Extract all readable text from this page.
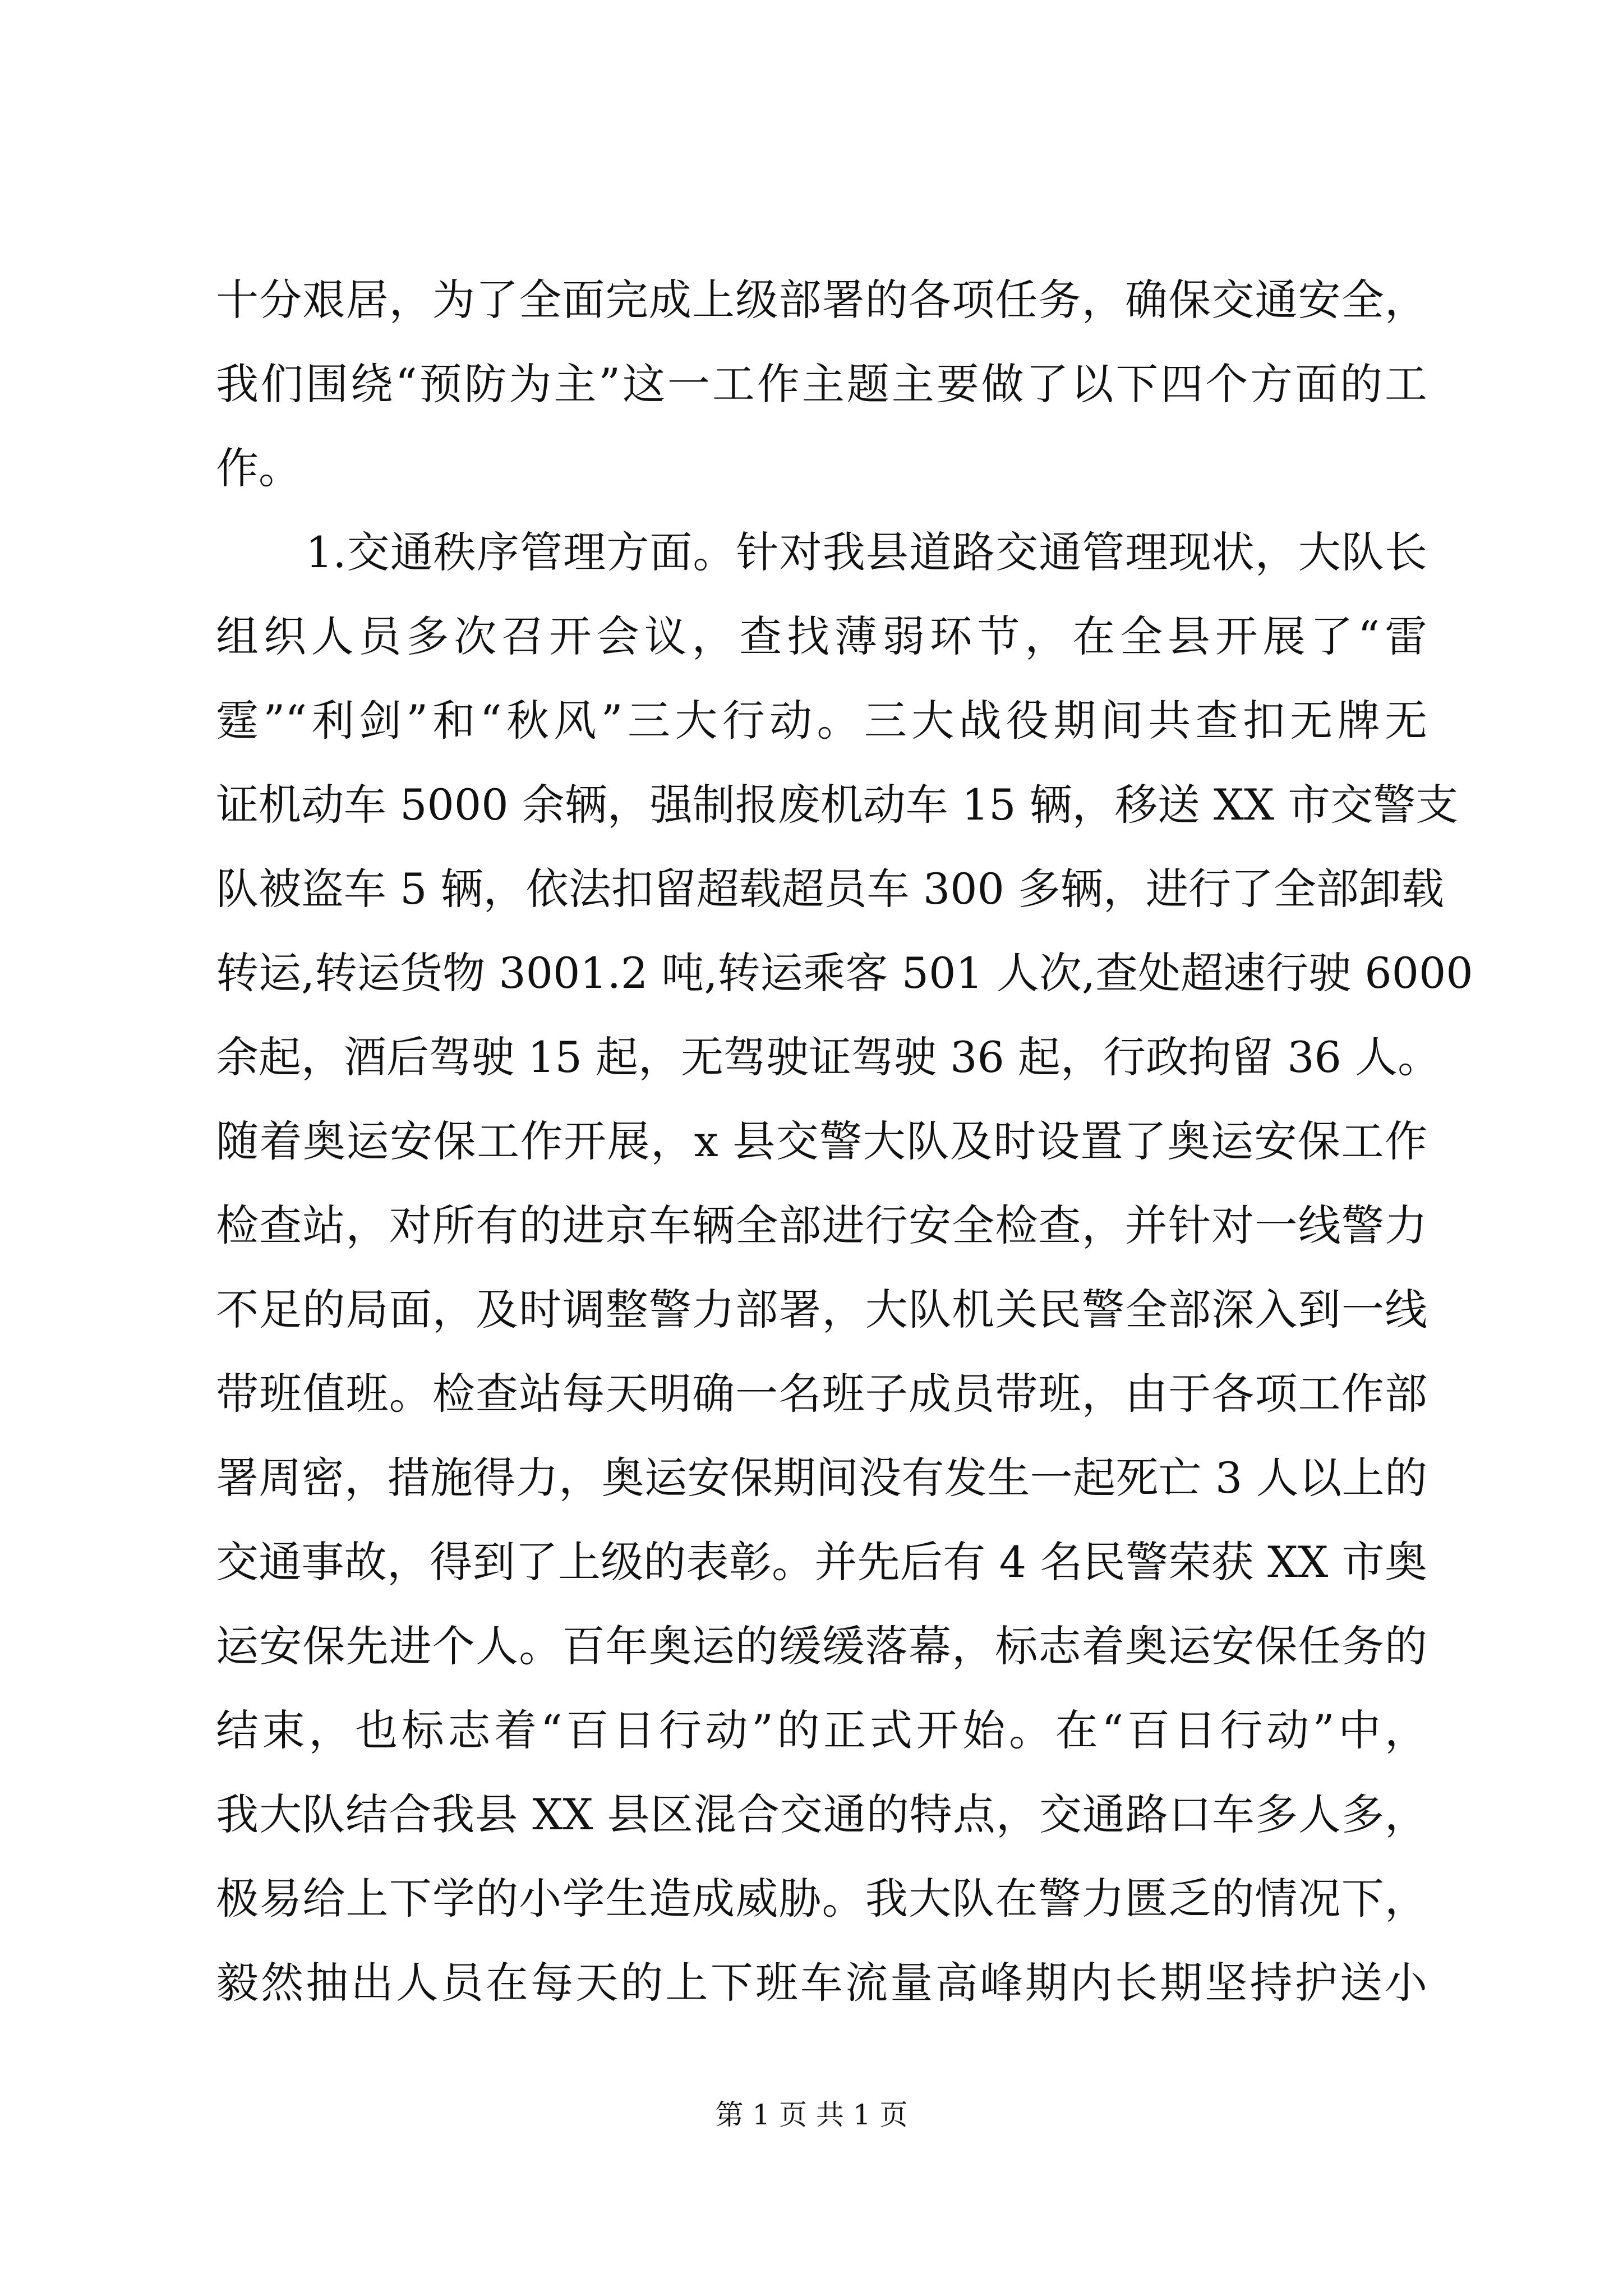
十分艰居，为了全面完成上级部署的各项任务，确保交通安全，
我们围绕“预防为主”这一工作主题主要做了以下四个方面的工
作。
1.交通秩序管理方面。针对我县道路交通管理现状，大队长
组织人员多次召开会议，查找薄弱环节，在全县开展了“雷
霆”“利剑”和“秋风”三大行动。三大战役期间共查扣无牌无
证机动车 5000 余辆，强制报废机动车 15 辆，移送 XX 市交警支
队被盗车 5 辆，依法扣留超载超员车 300 多辆，进行了全部卸载
转运,转运货物 3001.2 吨,转运乘客 501 人次,查处超速行驶 6000
余起，酒后驾驶 15 起，无驾驶证驾驶 36 起，行政拘留 36 人。
随着奥运安保工作开展，x 县交警大队及时设置了奥运安保工作
检查站，对所有的进京车辆全部进行安全检查，并针对一线警力
不足的局面，及时调整警力部署，大队机关民警全部深入到一线
带班值班。检查站每天明确一名班子成员带班，由于各项工作部
署周密，措施得力，奥运安保期间没有发生一起死亡 3 人以上的
交通事故，得到了上级的表彰。并先后有 4 名民警荣获 XX 市奥
运安保先进个人。百年奥运的缓缓落幕，标志着奥运安保任务的
结束，也标志着“百日行动”的正式开始。在“百日行动”中，
我大队结合我县 XX 县区混合交通的特点，交通路口车多人多，
极易给上下学的小学生造成威胁。我大队在警力匮乏的情况下，
毅然抽出人员在每天的上下班车流量高峰期内长期坚持护送小
第 1 页 共 1 页
